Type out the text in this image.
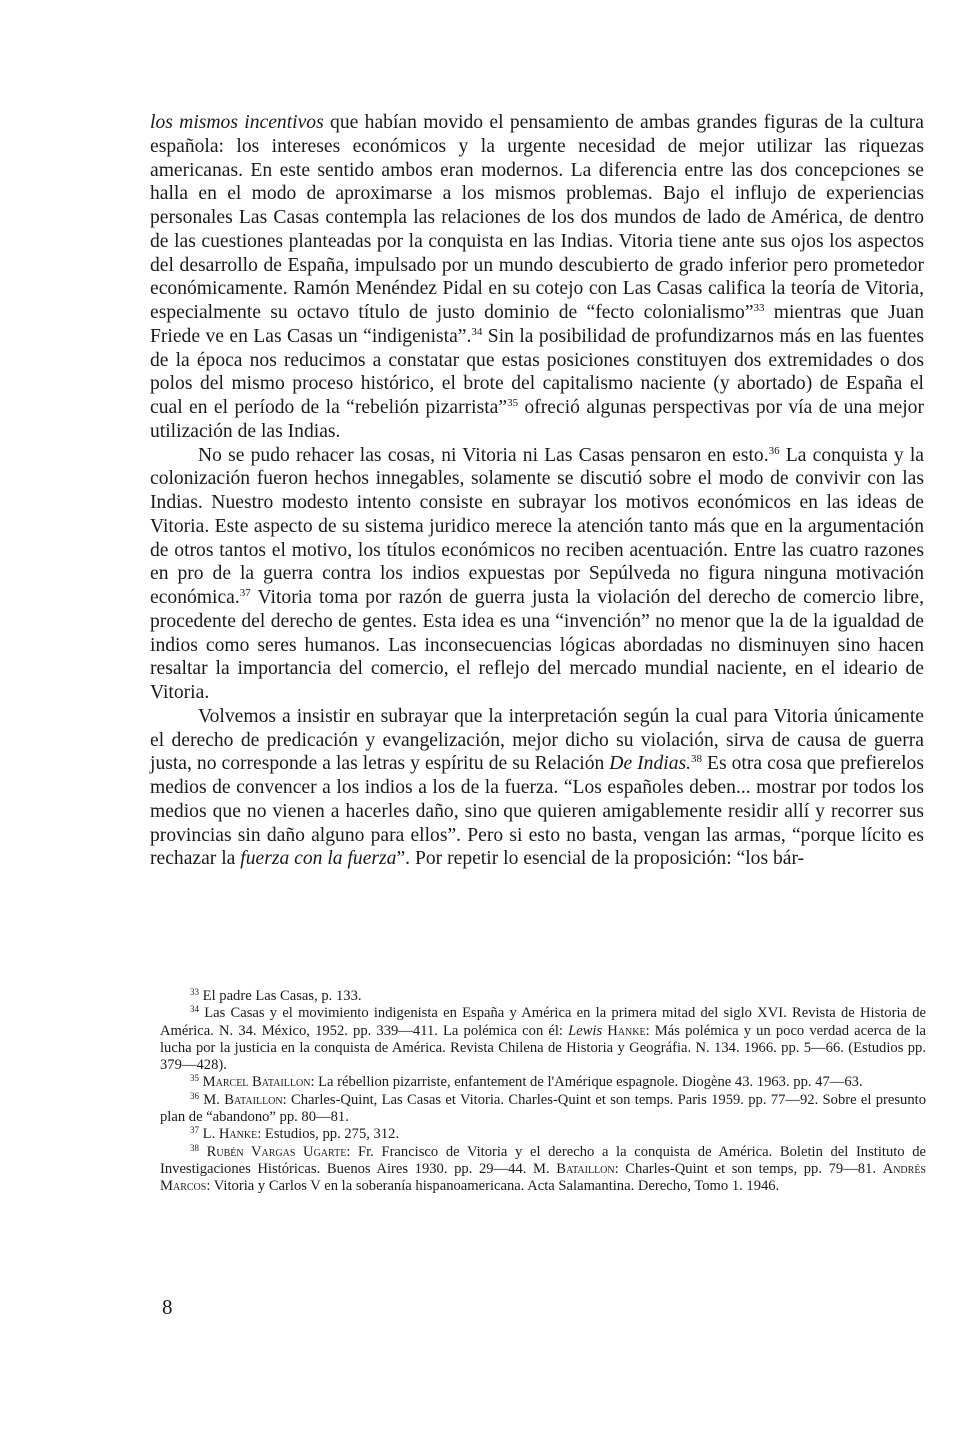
los mismos incentivos que habían movido el pensamiento de ambas grandes figuras de la cultura española: los intereses económicos y la urgente necesidad de mejor utilizar las riquezas americanas. En este sentido ambos eran modernos. La diferencia entre las dos concepciones se halla en el modo de aproximarse a los mismos problemas. Bajo el influjo de experiencias personales Las Casas contempla las relaciones de los dos mundos de lado de América, de dentro de las cuestiones planteadas por la conquista en las Indias. Vitoria tiene ante sus ojos los aspectos del desarrollo de España, impulsado por un mundo descubierto de grado inferior pero prometedor económicamente. Ramón Menéndez Pidal en su cotejo con Las Casas califica la teoría de Vitoria, especialmente su octavo título de justo dominio de “fecto colonialismo”$^{33}$ mientras que Juan Friede ve en Las Casas un “indigenista”.$^{34}$ Sin la posibilidad de profundizarnos más en las fuentes de la época nos reducimos a constatar que estas posiciones constituyen dos extremidades o dos polos del mismo proceso histórico, el brote del capitalismo naciente (y abortado) de España el cual en el período de la “rebelión pizarrista”$^{35}$ ofreció algunas perspectivas por vía de una mejor utilización de las Indias.

No se pudo rehacer las cosas, ni Vitoria ni Las Casas pensaron en esto.$^{36}$ La conquista y la colonización fueron hechos innegables, solamente se discutió sobre el modo de convivir con las Indias. Nuestro modesto intento consiste en subrayar los motivos económicos en las ideas de Vitoria. Este aspecto de su sistema juridico merece la atención tanto más que en la argumentación de otros tantos el motivo, los títulos económicos no reciben acentuación. Entre las cuatro razones en pro de la guerra contra los indios expuestas por Sepúlveda no figura ninguna motivación económica.$^{37}$ Vitoria toma por razón de guerra justa la violación del derecho de comercio libre, procedente del derecho de gentes. Esta idea es una “invención” no menor que la de la igualdad de indios como seres humanos. Las inconsecuencias lógicas abordadas no disminuyen sino hacen resaltar la importancia del comercio, el reflejo del mercado mundial naciente, en el ideario de Vitoria.

Volvemos a insistir en subrayar que la interpretación según la cual para Vitoria únicamente el derecho de predicación y evangelización, mejor dicho su violación, sirva de causa de guerra justa, no corresponde a las letras y espíritu de su Relación De Indias.$^{38}$ Es otra cosa que prefierelos medios de convencer a los indios a los de la fuerza. “Los españoles deben... mostrar por todos los medios que no vienen a hacerles daño, sino que quieren amigablemente residir allí y recorrer sus provincias sin daño alguno para ellos”. Pero si esto no basta, vengan las armas, “porque lícito es rechazar la fuerza con la fuerza”. Por repetir lo esencial de la proposición: “los bár-

$^{33}$ El padre Las Casas, p. 133.

$^{34}$ Las Casas y el movimiento indigenista en España y América en la primera mitad del siglo XVI. Revista de Historia de América. N. 34. México, 1952. pp. 339—411. La polémica con él: Lewis Hanke: Más polémica y un poco verdad acerca de la lucha por la justicia en la conquista de América. Revista Chilena de Historia y Geográfia. N. 134. 1966. pp. 5—66. (Estudios pp. 379—428).

$^{35}$ Marcel Bataillon: La rébellion pizarriste, enfantement de l'Amérique espagnole. Diogène 43. 1963. pp. 47—63.

$^{36}$ M. Bataillon: Charles-Quint, Las Casas et Vitoria. Charles-Quint et son temps. Paris 1959. pp. 77—92. Sobre el presunto plan de “abandono” pp. 80—81.

$^{37}$ L. Hanke: Estudios, pp. 275, 312.

$^{38}$ Rubén Vargas Ugarte: Fr. Francisco de Vitoria y el derecho a la conquista de América. Boletin del Instituto de Investigaciones Históricas. Buenos Aires 1930. pp. 29—44. M. Bataillon: Charles-Quint et son temps, pp. 79—81. Andrés Marcos: Vitoria y Carlos V en la soberanía hispanoamericana. Acta Salamantina. Derecho, Tomo 1. 1946.

8
